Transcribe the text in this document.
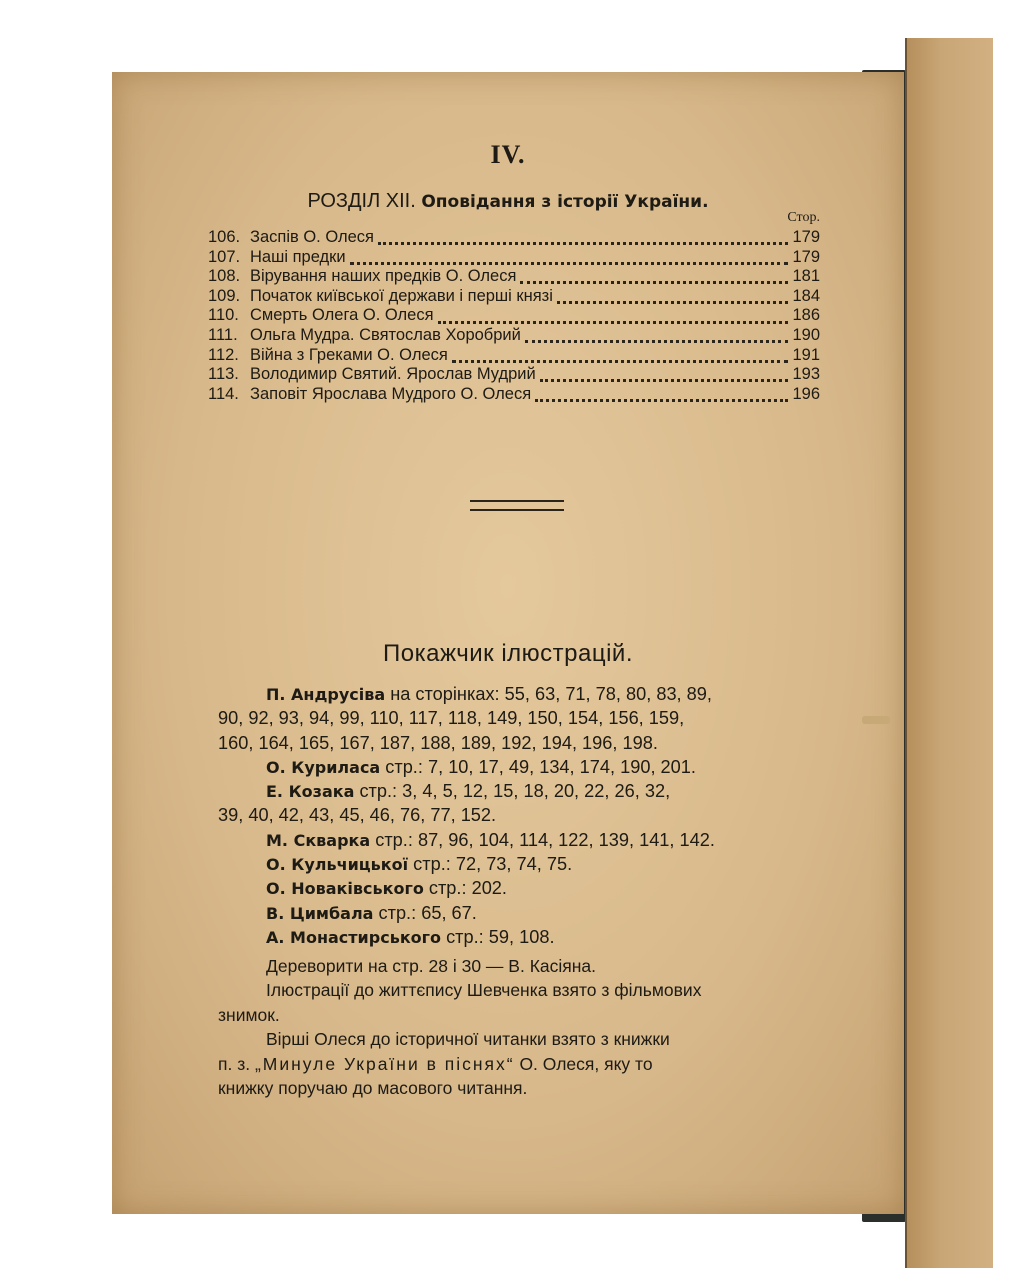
IV.
РОЗДІЛ XII. Оповідання з історії України.
Стор.
106. Заспів О. Олеся	179
107. Наші предки	179
108. Вірування наших предків О. Олеся	181
109. Початок київської держави і перші князі	184
110. Смерть Олега О. Олеся	186
111. Ольга Мудра. Святослав Хоробрий	190
112. Війна з Греками О. Олеся	191
113. Володимир Святий. Ярослав Мудрий	193
114. Заповіт Ярослава Мудрого О. Олеся	196
Покажчик ілюстрацій.
П. Андрусіва на сторінках: 55, 63, 71, 78, 80, 83, 89,
90, 92, 93, 94, 99, 110, 117, 118, 149, 150, 154, 156, 159,
160, 164, 165, 167, 187, 188, 189, 192, 194, 196, 198.
О. Куриласа стр.: 7, 10, 17, 49, 134, 174, 190, 201.
Е. Козака стр.: 3, 4, 5, 12, 15, 18, 20, 22, 26, 32,
39, 40, 42, 43, 45, 46, 76, 77, 152.
М. Скварка стр.: 87, 96, 104, 114, 122, 139, 141, 142.
О. Кульчицької стр.: 72, 73, 74, 75.
О. Новаківського стр.: 202.
В. Цимбала стр.: 65, 67.
А. Монастирського стр.: 59, 108.
Дереворити на стр. 28 і 30 — В. Касіяна.
Ілюстрації до життєпису Шевченка взято з фільмових
знимок.
Вірші Олеся до історичної читанки взято з книжки
п. з. „Минуле України в піснях“ О. Олеся, яку то
книжку поручаю до масового читання.
